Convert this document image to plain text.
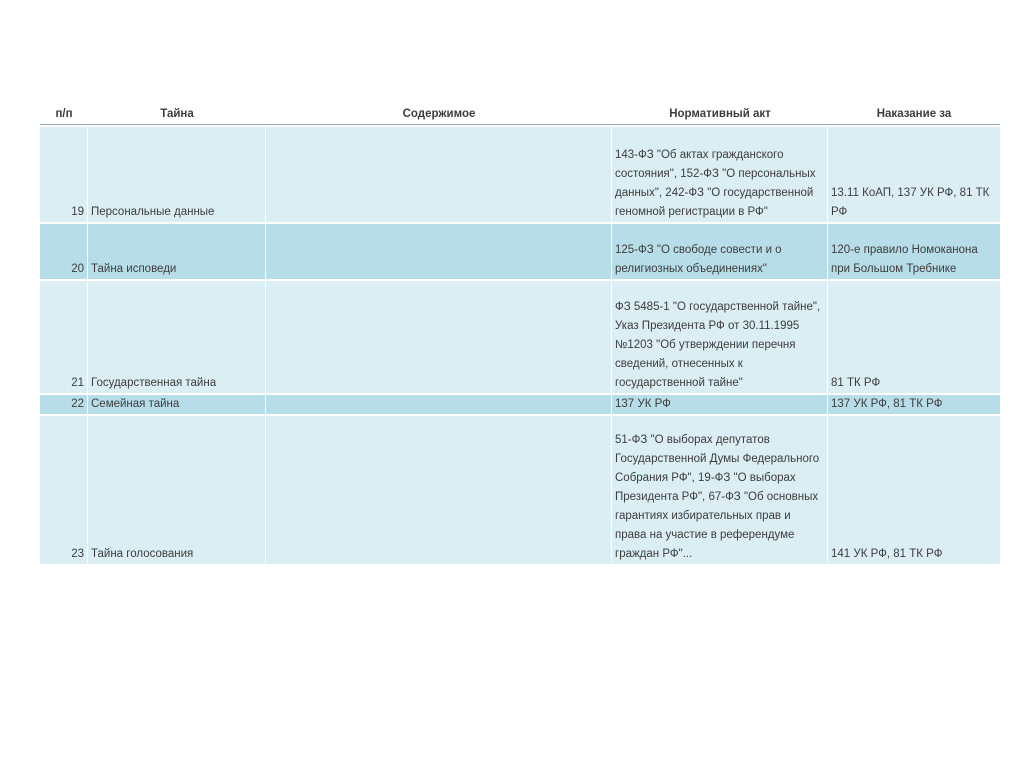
п/п	Тайна	Содержимое	Нормативный акт	Наказание за
19	Персональные данные		143-ФЗ "Об актах гражданского состояния", 152-ФЗ "О персональных данных", 242-ФЗ "О государственной геномной регистрации в РФ"	13.11 КоАП, 137 УК РФ, 81 ТК РФ
20	Тайна исповеди		125-ФЗ "О свободе совести и о религиозных объединениях"	120-е правило Номоканона при Большом Требнике
21	Государственная тайна		ФЗ 5485-1 "О государственной тайне", Указ Президента РФ от 30.11.1995 №1203 "Об утверждении перечня сведений, отнесенных к государственной тайне"	81 ТК РФ
22	Семейная тайна		137 УК РФ	137 УК РФ, 81 ТК РФ
23	Тайна голосования		51-ФЗ "О выборах депутатов Государственной Думы Федерального Собрания РФ", 19-ФЗ "О выборах Президента РФ", 67-ФЗ "Об основных гарантиях избирательных прав и права на участие в референдуме граждан РФ"...	141 УК РФ, 81 ТК РФ
